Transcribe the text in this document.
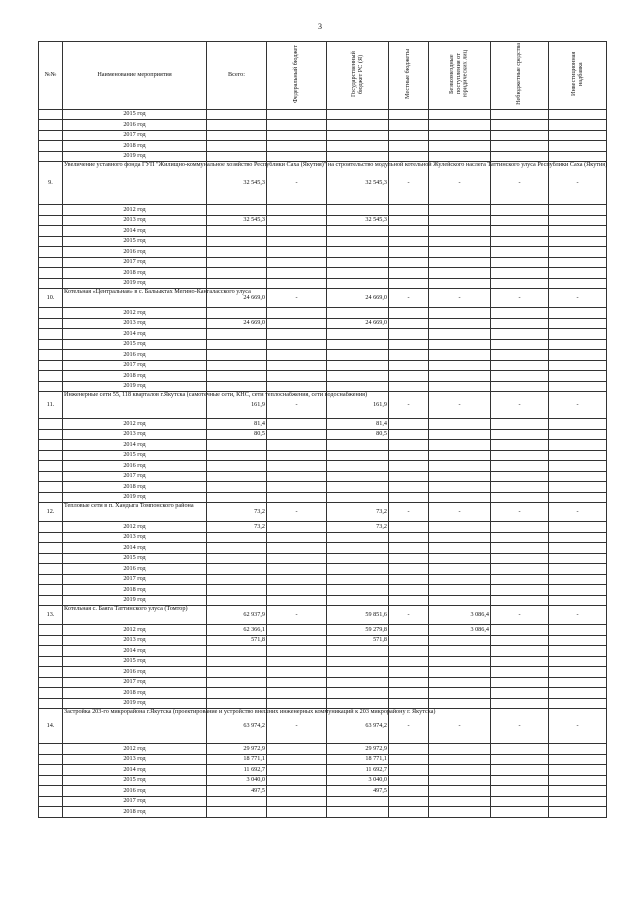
3
№№	Наименование мероприятия	Всего:	Федеральный бюджет	Государственный бюджет РС (Я)	Местные бюджеты	Безвозмездные поступления от юридических лиц	Небюджетные средства	Инвестиционная надбавка
	2015 год							
	2016 год							
	2017 год							
	2018 год							
	2019 год							
9.	Увеличение уставного фонда ГУП "Жилищно-коммунальное хозяйство Республики Саха (Якутия)" на строительство модульной котельной Жулейского наслега Таттинского улуса Республики Саха (Якутия)	32 545,3	-	32 545,3	-	-	-	-
	2012 год							
	2013 год	32 545,3		32 545,3				
	2014 год							
	2015 год							
	2016 год							
	2017 год							
	2018 год							
	2019 год							
10.	Котельная «Центральная» в с. Бальыктах Мегино-Кангаласского улуса	24 669,0	-	24 669,0	-	-	-	-
	2012 год							
	2013 год	24 669,0		24 669,0				
	2014 год							
	2015 год							
	2016 год							
	2017 год							
	2018 год							
	2019 год							
11.	Инженерные сети 55, 118 кварталов г.Якутска (самотечные сети, КНС, сети теплоснабжения, сети водоснабжения)	161,9	-	161,9	-	-	-	-
	2012 год	81,4		81,4				
	2013 год	80,5		80,5				
	2014 год							
	2015 год							
	2016 год							
	2017 год							
	2018 год							
	2019 год							
12.	Тепловые сети в п. Хандыга Томпонского района	73,2	-	73,2	-	-	-	-
	2012 год	73,2		73,2				
	2013 год							
	2014 год							
	2015 год							
	2016 год							
	2017 год							
	2018 год							
	2019 год							
13.	Котельная с. Баяга Таттинского улуса (Томтор)	62 937,9	-	59 851,6	-	3 086,4	-	-
	2012 год	62 366,1		59 279,8		3 086,4		
	2013 год	571,8		571,8				
	2014 год							
	2015 год							
	2016 год							
	2017 год							
	2018 год							
	2019 год							
14.	Застройка 203-го микрорайона г.Якутска (проектирование и устройство внешних инженерных коммуникаций к 203 микрорайону г. Якутска)	63 974,2	-	63 974,2	-	-	-	-
	2012 год	29 972,9		29 972,9				
	2013 год	18 771,1		18 771,1				
	2014 год	11 692,7		11 692,7				
	2015 год	3 040,0		3 040,0				
	2016 год	497,5		497,5				
	2017 год							
	2018 год							
